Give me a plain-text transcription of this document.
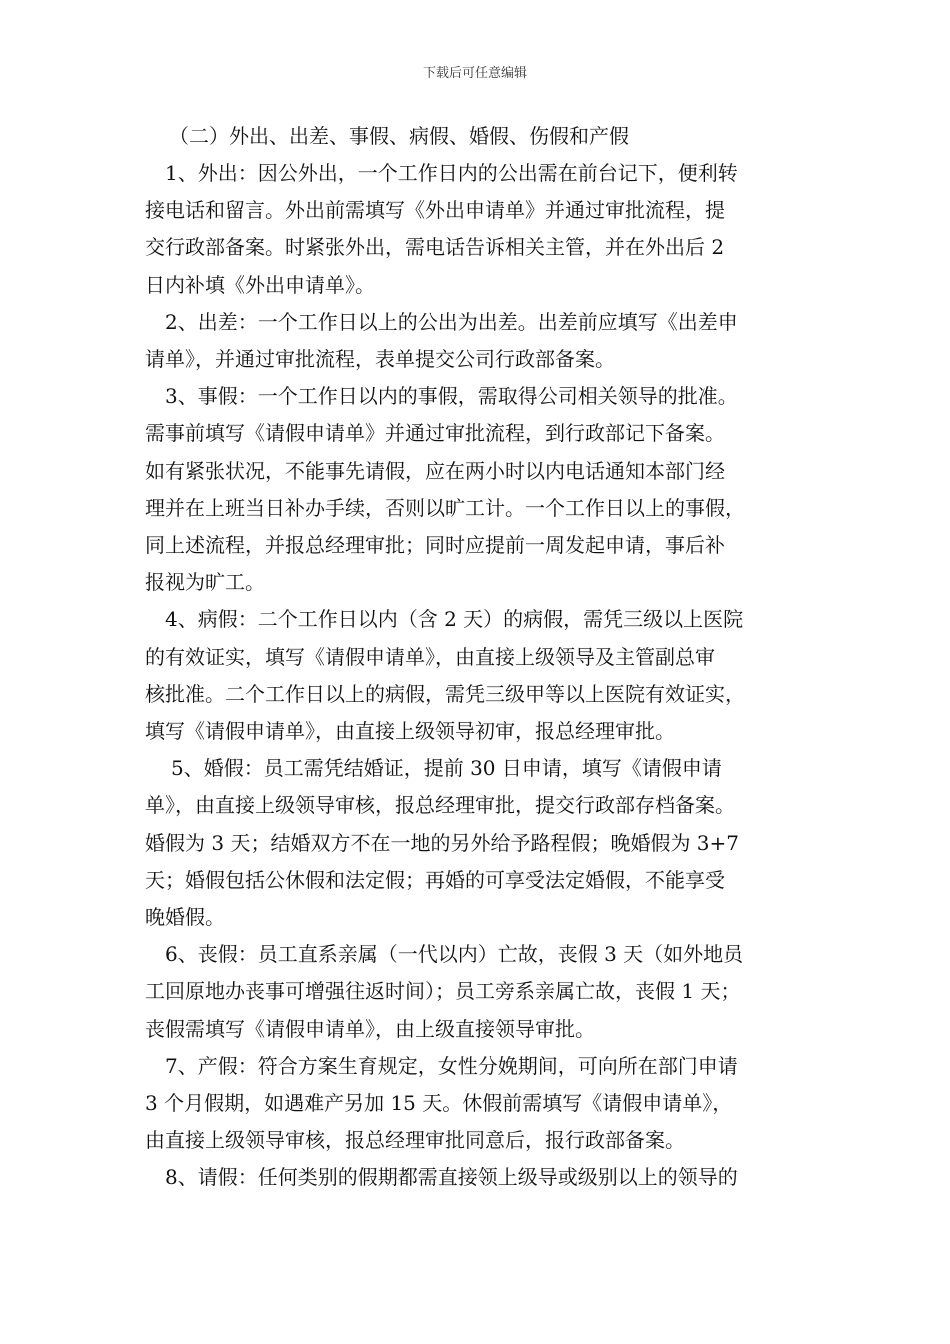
下载后可任意编辑

（二）外出、出差、事假、病假、婚假、伤假和产假

1、外出：因公外出，一个工作日内的公出需在前台记下，便利转
接电话和留言。外出前需填写《外出申请单》并通过审批流程，提
交行政部备案。时紧张外出，需电话告诉相关主管，并在外出后 2
日内补填《外出申请单》。

2、出差：一个工作日以上的公出为出差。出差前应填写《出差申
请单》，并通过审批流程，表单提交公司行政部备案。

3、事假：一个工作日以内的事假，需取得公司相关领导的批准。
需事前填写《请假申请单》并通过审批流程，到行政部记下备案。
如有紧张状况，不能事先请假，应在两小时以内电话通知本部门经
理并在上班当日补办手续，否则以旷工计。一个工作日以上的事假，
同上述流程，并报总经理审批；同时应提前一周发起申请，事后补
报视为旷工。

4、病假：二个工作日以内（含 2 天）的病假，需凭三级以上医院
的有效证实，填写《请假申请单》，由直接上级领导及主管副总审
核批准。二个工作日以上的病假，需凭三级甲等以上医院有效证实，
填写《请假申请单》，由直接上级领导初审，报总经理审批。

5、婚假：员工需凭结婚证，提前 30 日申请，填写《请假申请
单》，由直接上级领导审核，报总经理审批，提交行政部存档备案。
婚假为 3 天；结婚双方不在一地的另外给予路程假；晚婚假为 3+7
天；婚假包括公休假和法定假；再婚的可享受法定婚假，不能享受
晚婚假。

6、丧假：员工直系亲属（一代以内）亡故，丧假 3 天（如外地员
工回原地办丧事可增强往返时间）；员工旁系亲属亡故，丧假 1 天；
丧假需填写《请假申请单》，由上级直接领导审批。

7、产假：符合方案生育规定，女性分娩期间，可向所在部门申请
3 个月假期，如遇难产另加 15 天。休假前需填写《请假申请单》，
由直接上级领导审核，报总经理审批同意后，报行政部备案。

8、请假：任何类别的假期都需直接领上级导或级别以上的领导的
